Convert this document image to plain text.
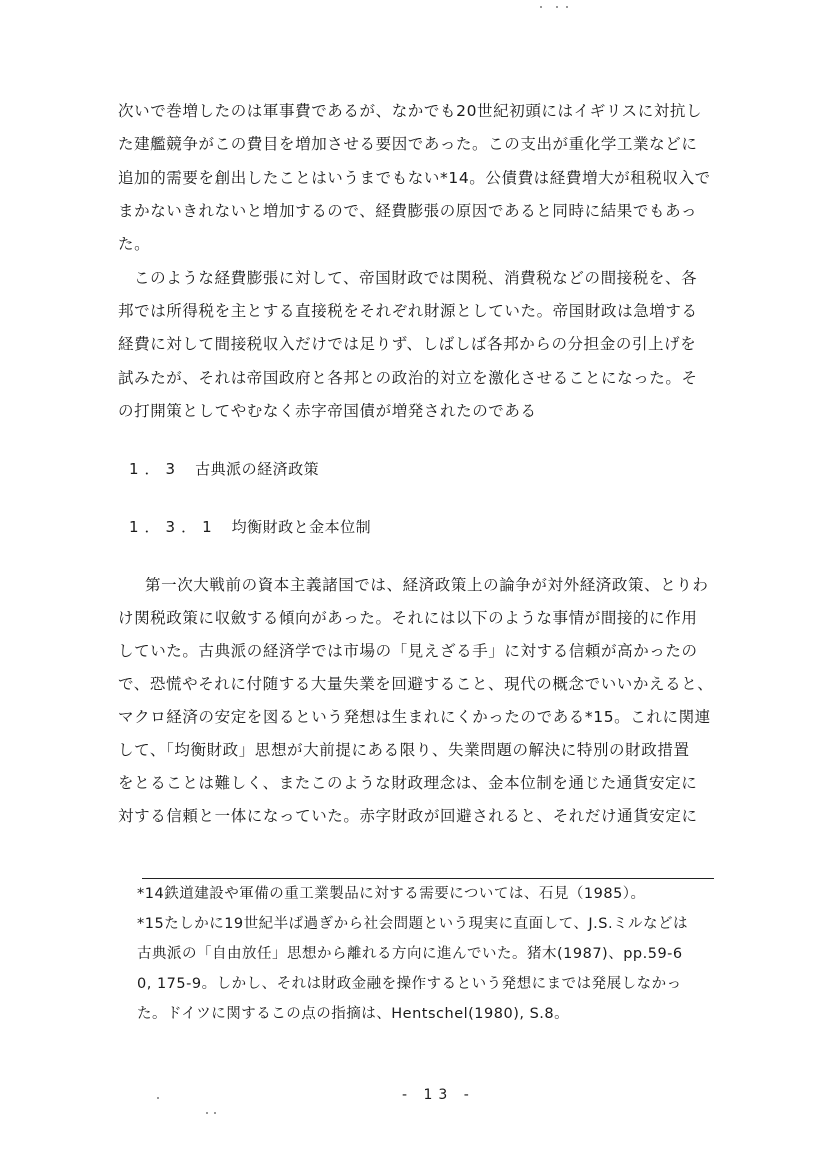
次いで巻増したのは軍事費であるが、なかでも20世紀初頭にはイギリスに対抗し
た建艦競争がこの費目を増加させる要因であった。この支出が重化学工業などに
追加的需要を創出したことはいうまでもない*14。公債費は経費増大が租税収入で
まかないきれないと増加するので、経費膨張の原因であると同時に結果でもあっ
た。
このような経費膨張に対して、帝国財政では関税、消費税などの間接税を、各
邦では所得税を主とする直接税をそれぞれ財源としていた。帝国財政は急増する
経費に対して間接税収入だけでは足りず、しばしば各邦からの分担金の引上げを
試みたが、それは帝国政府と各邦との政治的対立を激化させることになった。そ
の打開策としてやむなく赤字帝国債が増発されたのである
1．3 古典派の経済政策
1．3．1 均衡財政と金本位制
第一次大戦前の資本主義諸国では、経済政策上の論争が対外経済政策、とりわ
け関税政策に収斂する傾向があった。それには以下のような事情が間接的に作用
していた。古典派の経済学では市場の「見えざる手」に対する信頼が高かったの
で、恐慌やそれに付随する大量失業を回避すること、現代の概念でいいかえると、
マクロ経済の安定を図るという発想は生まれにくかったのである*15。これに関連
して、「均衡財政」思想が大前提にある限り、失業問題の解決に特別の財政措置
をとることは難しく、またこのような財政理念は、金本位制を通じた通貨安定に
対する信頼と一体になっていた。赤字財政が回避されると、それだけ通貨安定に
*14鉄道建設や軍備の重工業製品に対する需要については、石見（1985）。
*15たしかに19世紀半ば過ぎから社会問題という現実に直面して、J.S.ミルなどは
古典派の「自由放任」思想から離れる方向に進んでいた。猪木(1987)、pp.59-6
0, 175-9。しかし、それは財政金融を操作するという発想にまでは発展しなかっ
た。ドイツに関するこの点の指摘は、Hentschel(1980), S.8。
- 13 -
